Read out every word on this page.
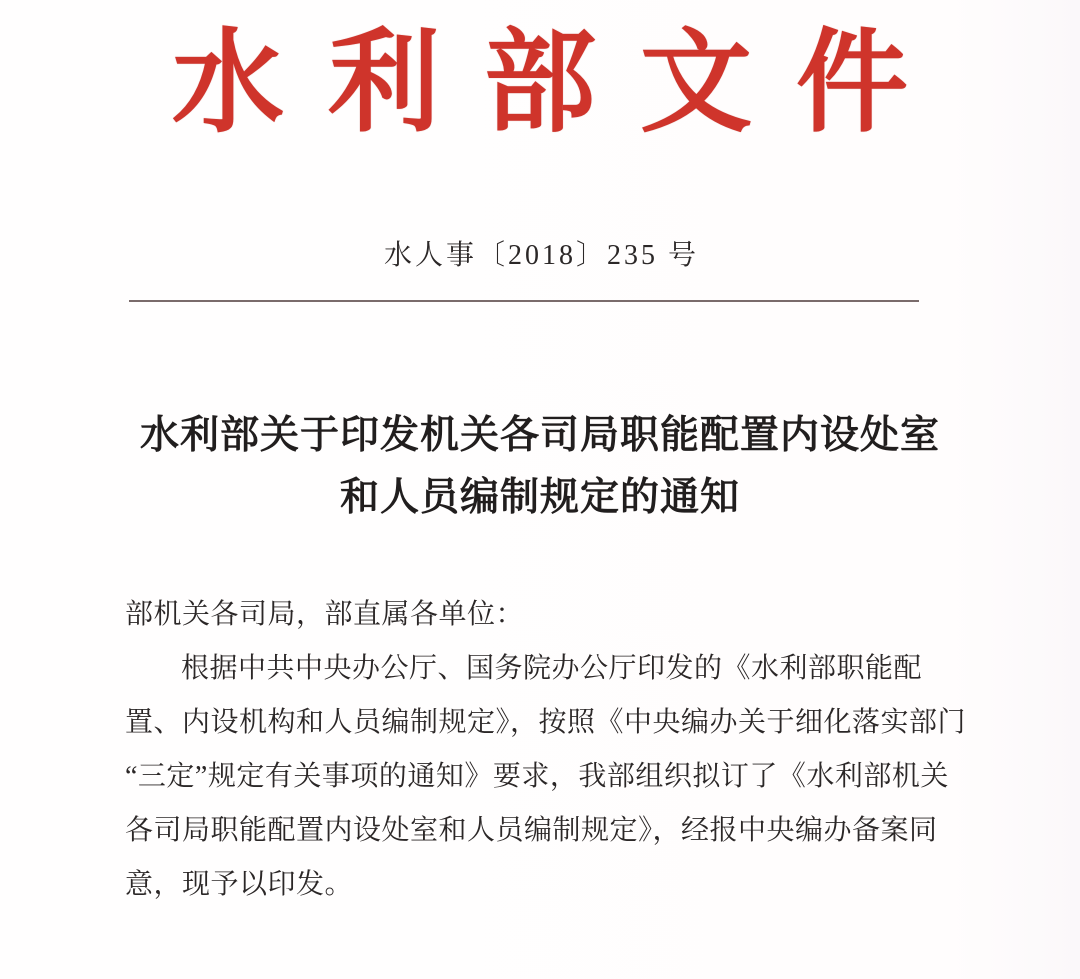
水利部文件
水人事〔2018〕235 号
水利部关于印发机关各司局职能配置内设处室
和人员编制规定的通知
部机关各司局，部直属各单位：
根据中共中央办公厅、国务院办公厅印发的《水利部职能配
置、内设机构和人员编制规定》，按照《中央编办关于细化落实部门
“三定”规定有关事项的通知》要求，我部组织拟订了《水利部机关
各司局职能配置内设处室和人员编制规定》，经报中央编办备案同
意，现予以印发。
